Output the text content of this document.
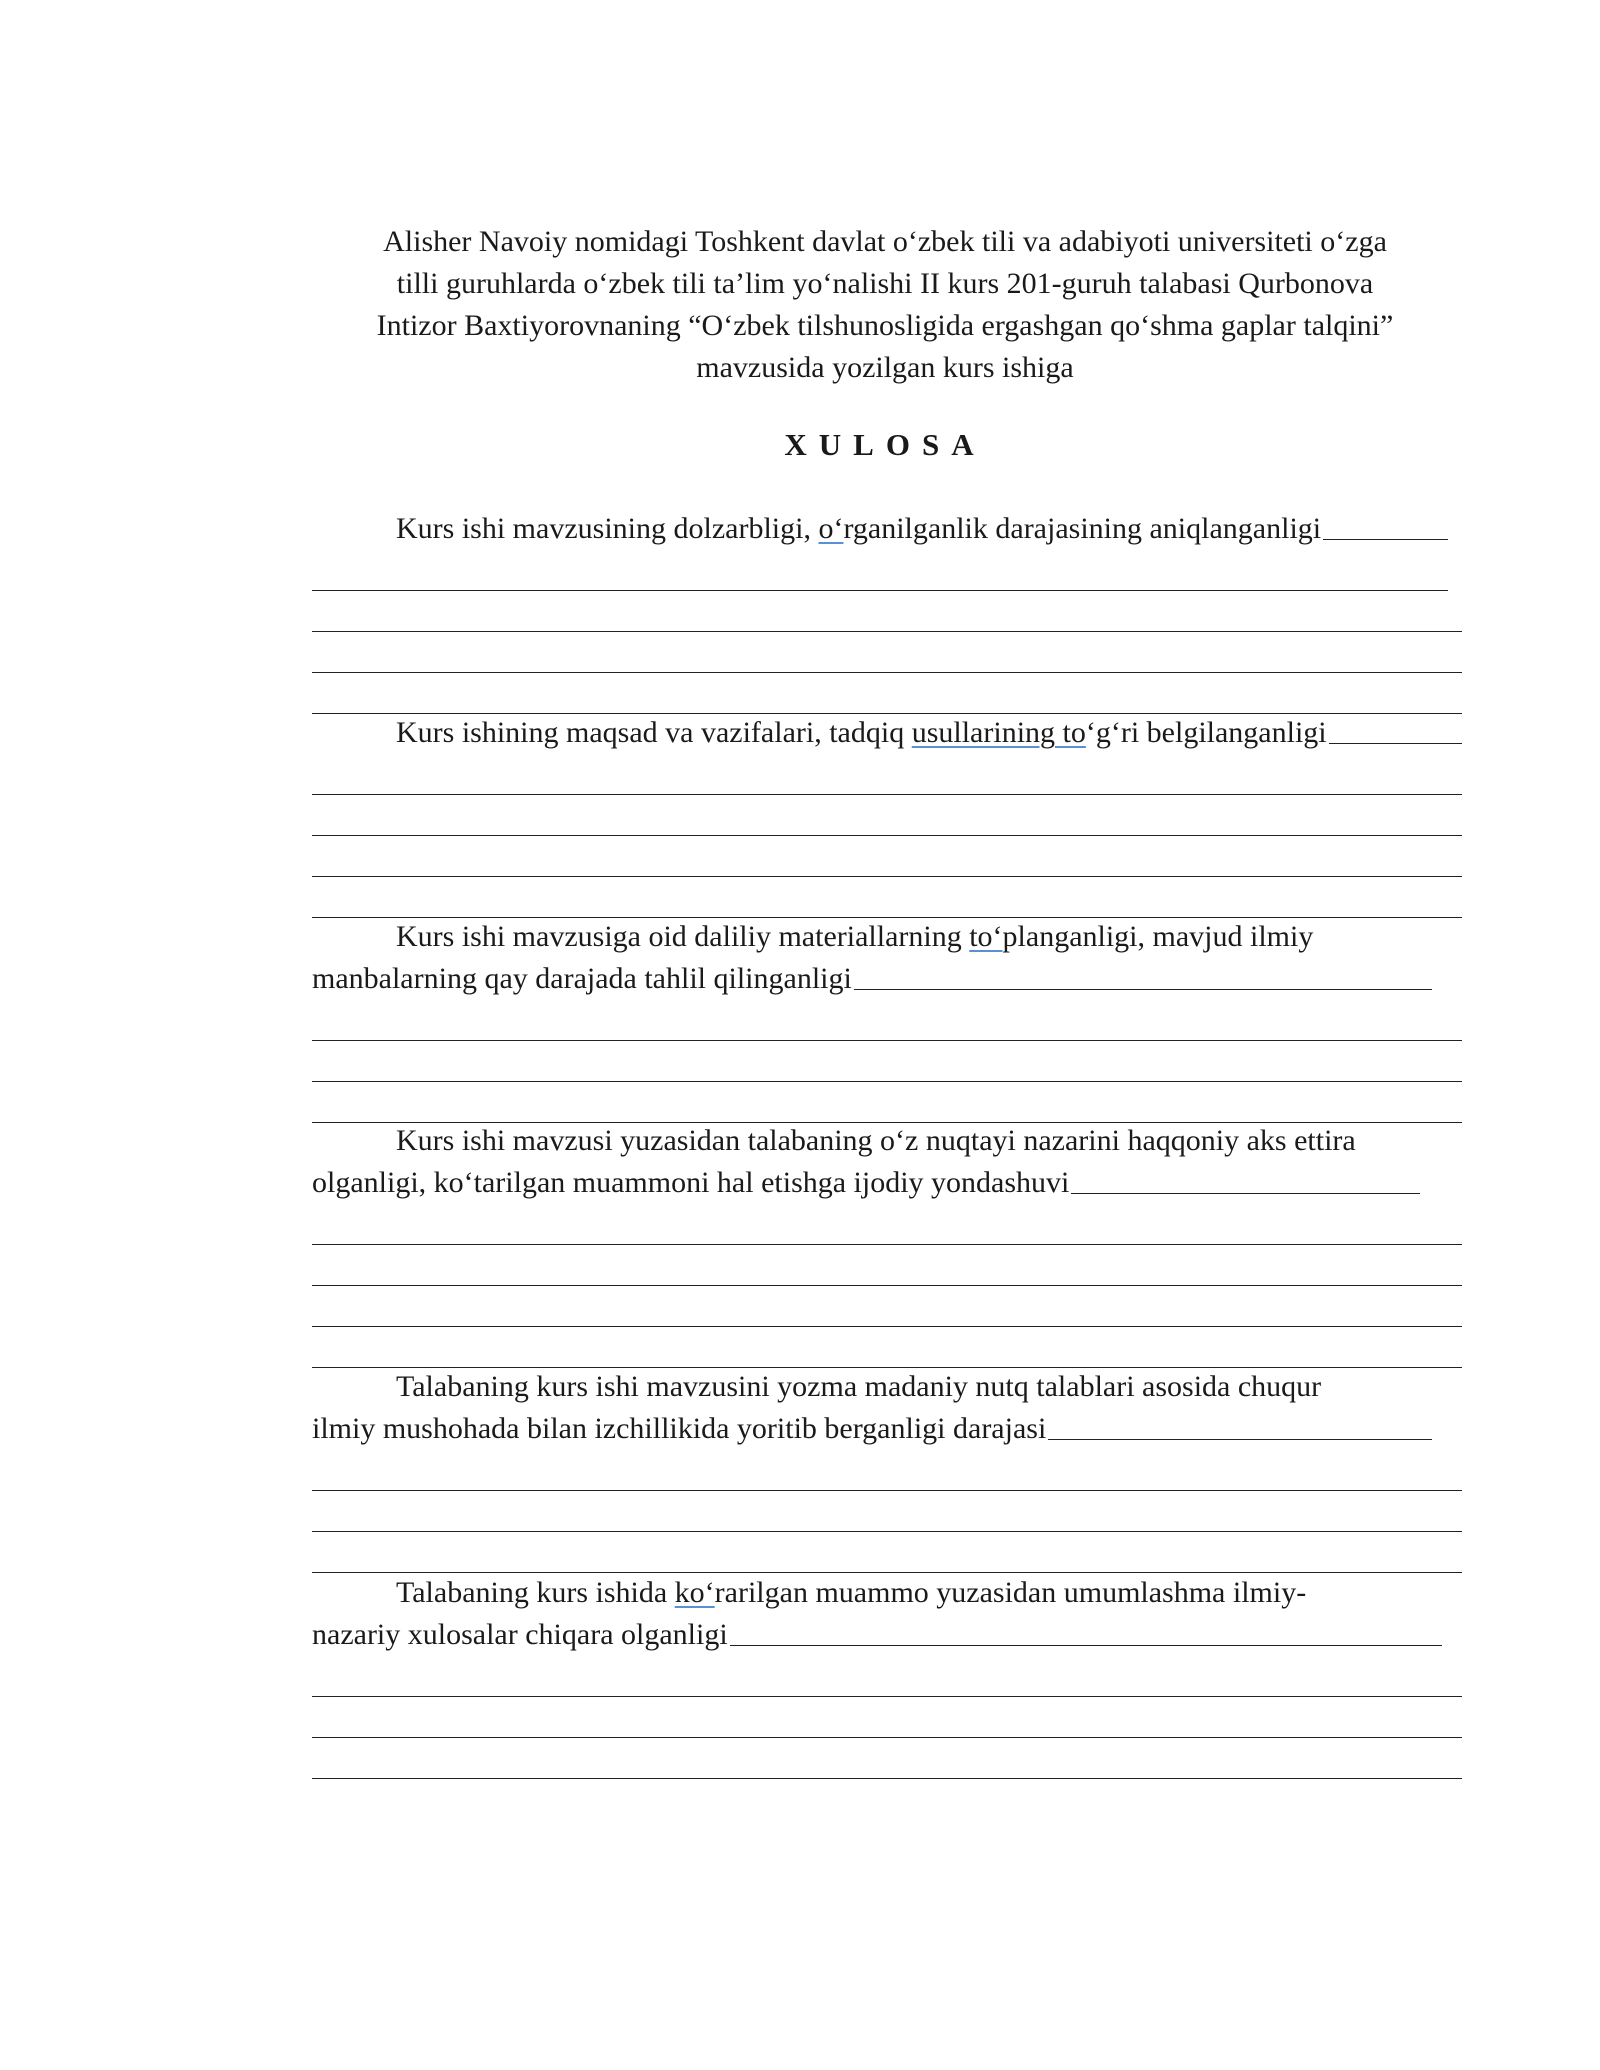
Alisher Navoiy nomidagi Toshkent davlat o‘zbek tili va adabiyoti universiteti o‘zga
tilli guruhlarda o‘zbek tili ta’lim yo‘nalishi II kurs 201-guruh talabasi Qurbonova
Intizor Baxtiyorovnaning “O‘zbek tilshunosligida ergashgan qo‘shma gaplar talqini”
mavzusida yozilgan kurs ishiga
XULOSA
Kurs ishi mavzusining dolzarbligi, o‘rganilganlik darajasining aniqlanganligi
Kurs ishining maqsad va vazifalari, tadqiq usullarining to‘g‘ri belgilanganligi
Kurs ishi mavzusiga oid daliliy materiallarning to‘planganligi, mavjud ilmiy
manbalarning qay darajada tahlil qilinganligi
Kurs ishi mavzusi yuzasidan talabaning o‘z nuqtayi nazarini haqqoniy aks ettira
olganligi, ko‘tarilgan muammoni hal etishga ijodiy yondashuvi
Talabaning kurs ishi mavzusini yozma madaniy nutq talablari asosida chuqur
ilmiy mushohada bilan izchillikida yoritib berganligi darajasi
Talabaning kurs ishida ko‘rarilgan muammo yuzasidan umumlashma ilmiy-
nazariy xulosalar chiqara olganligi
